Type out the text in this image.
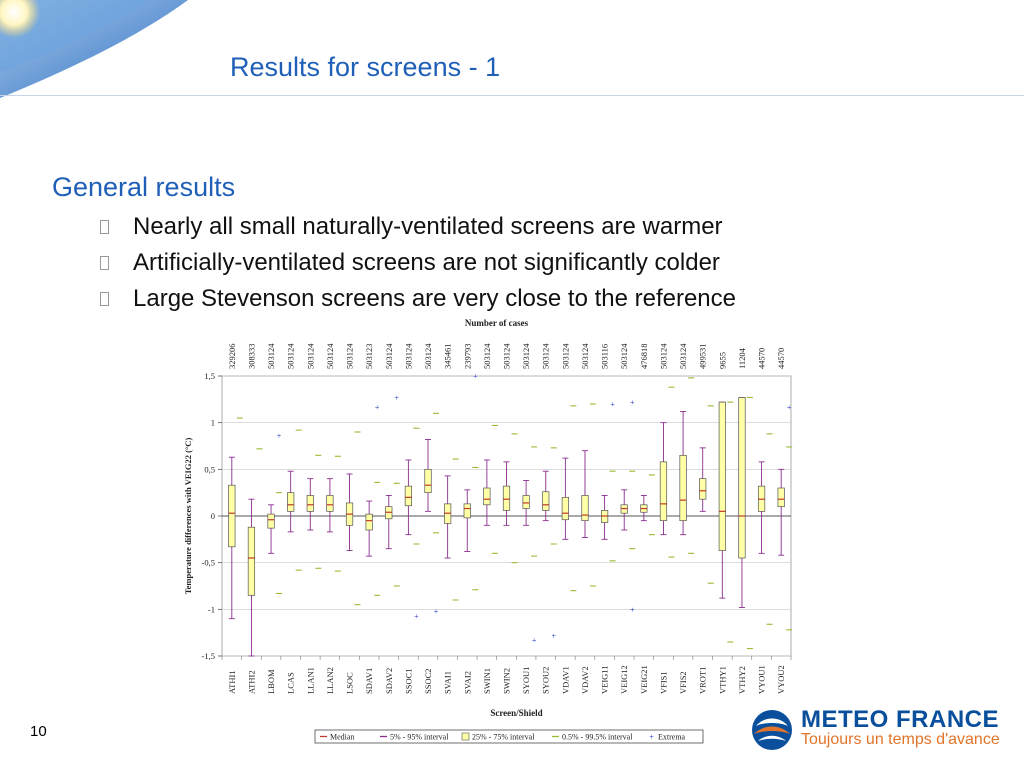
Results for screens - 1
General results
Nearly all small naturally-ventilated screens are warmer
Artificially-ventilated screens are not significantly colder
Large Stevenson screens are very close to the reference
1,5
1
0,5
0
-0,5
-1
-1,5
Number of cases
329206 308333 503124 503124 503124 503124 503124 503123 503124 503124 503124 345461 239793 503124 503124 503124 503124 503124 503124 503116 503124 476818 503124 503124 499531 9655 11204 44570 44570
ATHI1 ATHI2 LBOM LCAS LLAN1 LLAN2 LSOC SDAV1 SDAV2 SSOC1 SSOC2 SVAI1 SVAI2 SWIN1 SWIN2 SYOU1 SYOU2 VDAV1 VDAV2 VEIG11 VEIG12 VEIG21 VFIS1 VFIS2 VROT1 VTHY1 VTHY2 VYOU1 VYOU2
Screen/Shield
Temperature differences with VEIG22 (°C)
+
+
+
+
+
+
+
+
+
+
+
+
Median	5% - 95% interval	25% - 75% interval	0.5% - 99.5% interval + Extrema
10	METEO FRANCE
Toujours un temps d'avance
